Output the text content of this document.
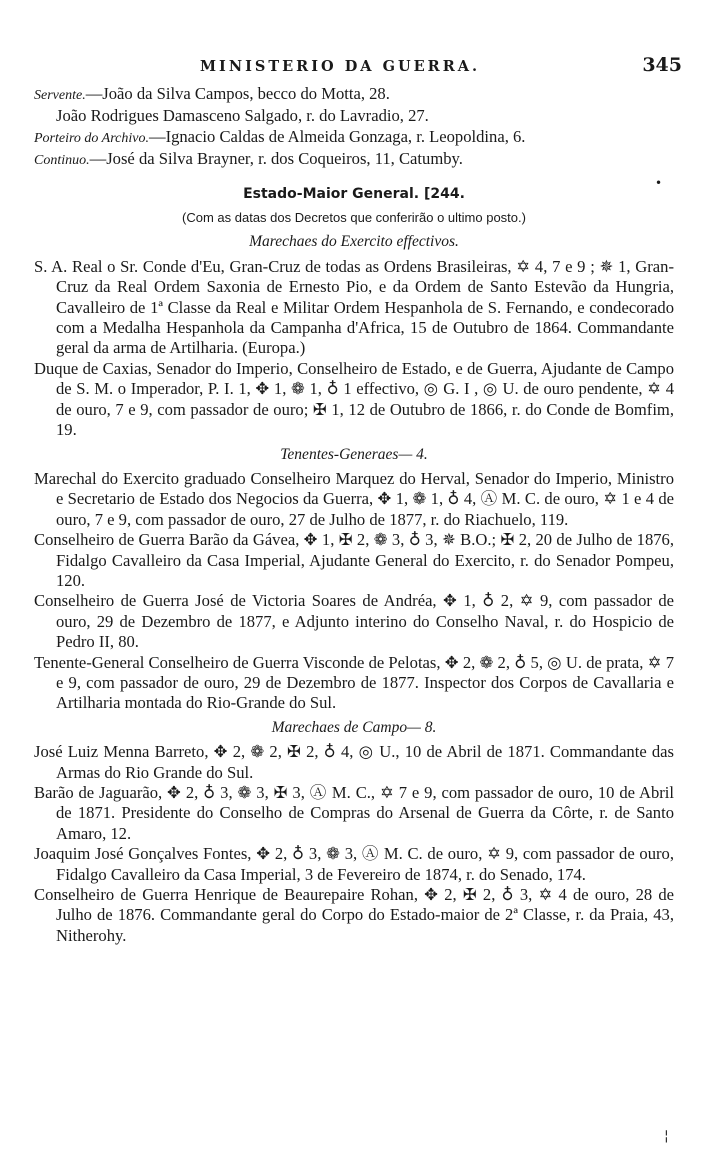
MINISTERIO DA GUERRA.	345

Servente.—João da Silva Campos, becco do Motta, 28.

João Rodrigues Damasceno Salgado, r. do Lavradio, 27.

Porteiro do Archivo.—Ignacio Caldas de Almeida Gonzaga, r. Leopoldina, 6.

Continuo.—José da Silva Brayner, r. dos Coqueiros, 11, Catumby.

Estado-Maior General. [244.
(Com as datas dos Decretos que conferirão o ultimo posto.)
Marechaes do Exercito effectivos.

S. A. Real o Sr. Conde d'Eu, Gran-Cruz de todas as Ordens Brasileiras, ✡ 4, 7 e 9 ; ✵ 1, Gran-Cruz da Real Ordem Saxonia de Ernesto Pio, e da Ordem de Santo Estevão da Hungria, Cavalleiro de 1ª Classe da Real e Militar Ordem Hespanhola de S. Fernando, e condecorado com a Medalha Hespanhola da Campanha d'Africa, 15 de Outubro de 1864. Commandante geral da arma de Artilharia. (Europa.)

Duque de Caxias, Senador do Imperio, Conselheiro de Estado, e de Guerra, Ajudante de Campo de S. M. o Imperador, P. I. 1, ✥ 1, ❁ 1, ♁ 1 effectivo, ◎ G. I , ◎ U. de ouro pendente, ✡ 4 de ouro, 7 e 9, com passador de ouro; ✠ 1, 12 de Outubro de 1866, r. do Conde de Bomfim, 19.

Tenentes-Generaes— 4.

Marechal do Exercito graduado Conselheiro Marquez do Herval, Senador do Imperio, Ministro e Secretario de Estado dos Negocios da Guerra, ✥ 1, ❁ 1, ♁ 4, Ⓐ M. C. de ouro, ✡ 1 e 4 de ouro, 7 e 9, com passador de ouro, 27 de Julho de 1877, r. do Riachuelo, 119.

Conselheiro de Guerra Barão da Gávea, ✥ 1, ✠ 2, ❁ 3, ♁ 3, ✵ B.O.; ✠ 2, 20 de Julho de 1876, Fidalgo Cavalleiro da Casa Imperial, Ajudante General do Exercito, r. do Senador Pompeu, 120.

Conselheiro de Guerra José de Victoria Soares de Andréa, ✥ 1, ♁ 2, ✡ 9, com passador de ouro, 29 de Dezembro de 1877, e Adjunto interino do Conselho Naval, r. do Hospicio de Pedro II, 80.

Tenente-General Conselheiro de Guerra Visconde de Pelotas, ✥ 2, ❁ 2, ♁ 5, ◎ U. de prata, ✡ 7 e 9, com passador de ouro, 29 de Dezembro de 1877. Inspector dos Corpos de Cavallaria e Artilharia montada do Rio-Grande do Sul.

Marechaes de Campo— 8.

José Luiz Menna Barreto, ✥ 2, ❁ 2, ✠ 2, ♁ 4, ◎ U., 10 de Abril de 1871. Commandante das Armas do Rio Grande do Sul.

Barão de Jaguarão, ✥ 2, ♁ 3, ❁ 3, ✠ 3, Ⓐ M. C., ✡ 7 e 9, com passador de ouro, 10 de Abril de 1871. Presidente do Conselho de Compras do Arsenal de Guerra da Côrte, r. de Santo Amaro, 12.

Joaquim José Gonçalves Fontes, ✥ 2, ♁ 3, ❁ 3, Ⓐ M. C. de ouro, ✡ 9, com passador de ouro, Fidalgo Cavalleiro da Casa Imperial, 3 de Fevereiro de 1874, r. do Senado, 174.

Conselheiro de Guerra Henrique de Beaurepaire Rohan, ✥ 2, ✠ 2, ♁ 3, ✡ 4 de ouro, 28 de Julho de 1876. Commandante geral do Corpo do Estado-maior de 2ª Classe, r. da Praia, 43, Nitherohy.

•
¦
